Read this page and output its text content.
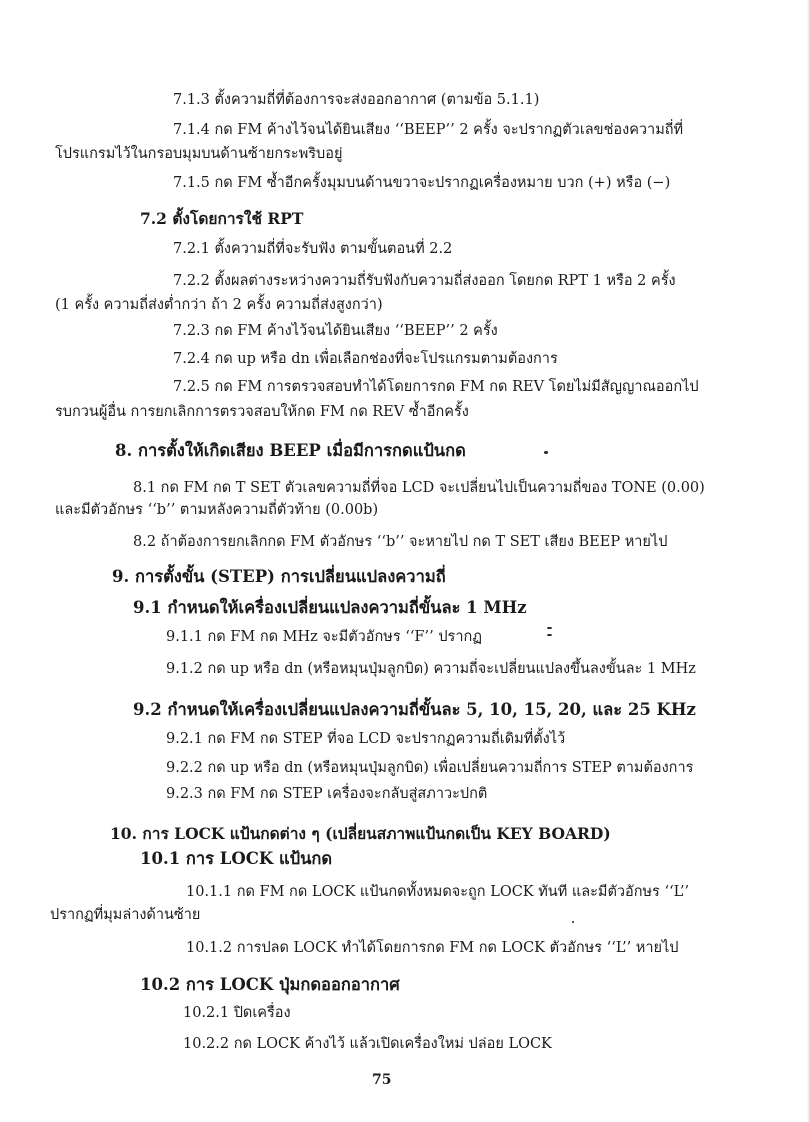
7.1.3 ตั้งความถี่ที่ต้องการจะส่งออกอากาศ (ตามข้อ 5.1.1)
7.1.4 กด FM ค้างไว้จนได้ยินเสียง ‘‘BEEP’’ 2 ครั้ง จะปรากฏตัวเลขช่องความถี่ที่
โปรแกรมไว้ในกรอบมุมบนด้านซ้ายกระพริบอยู่
7.1.5 กด FM ซ้ำอีกครั้งมุมบนด้านขวาจะปรากฏเครื่องหมาย บวก (+) หรือ (−)
7.2 ตั้งโดยการใช้ RPT
7.2.1 ตั้งความถี่ที่จะรับฟัง ตามขั้นตอนที่ 2.2
7.2.2 ตั้งผลต่างระหว่างความถี่รับฟังกับความถี่ส่งออก โดยกด RPT 1 หรือ 2 ครั้ง
(1 ครั้ง ความถี่ส่งต่ำกว่า ถ้า 2 ครั้ง ความถี่ส่งสูงกว่า)
7.2.3 กด FM ค้างไว้จนได้ยินเสียง ‘‘BEEP’’ 2 ครั้ง
7.2.4 กด up หรือ dn เพื่อเลือกช่องที่จะโปรแกรมตามต้องการ
7.2.5 กด FM การตรวจสอบทำได้โดยการกด FM กด REV โดยไม่มีสัญญาณออกไป
รบกวนผู้อื่น การยกเลิกการตรวจสอบให้กด FM กด REV ซ้ำอีกครั้ง
8. การตั้งให้เกิดเสียง BEEP เมื่อมีการกดแป้นกด
8.1 กด FM กด T SET ตัวเลขความถี่ที่จอ LCD จะเปลี่ยนไปเป็นความถี่ของ TONE (0.00)
และมีตัวอักษร ‘‘b’’ ตามหลังความถี่ตัวท้าย (0.00b)
8.2 ถ้าต้องการยกเลิกกด FM ตัวอักษร ‘‘b’’ จะหายไป กด T SET เสียง BEEP หายไป
9. การตั้งขั้น (STEP) การเปลี่ยนแปลงความถี่
9.1 กำหนดให้เครื่องเปลี่ยนแปลงความถี่ขั้นละ 1 MHz
9.1.1 กด FM กด MHz จะมีตัวอักษร ‘‘F’’ ปรากฏ
9.1.2 กด up หรือ dn (หรือหมุนปุ่มลูกบิด) ความถี่จะเปลี่ยนแปลงขึ้นลงขั้นละ 1 MHz
9.2 กำหนดให้เครื่องเปลี่ยนแปลงความถี่ขั้นละ 5, 10, 15, 20, และ 25 KHz
9.2.1 กด FM กด STEP ที่จอ LCD จะปรากฏความถี่เดิมที่ตั้งไว้
9.2.2 กด up หรือ dn (หรือหมุนปุ่มลูกบิด) เพื่อเปลี่ยนความถี่การ STEP ตามต้องการ
9.2.3 กด FM กด STEP เครื่องจะกลับสู่สภาวะปกติ
10. การ LOCK แป้นกดต่าง ๆ (เปลี่ยนสภาพแป้นกดเป็น KEY BOARD)
10.1 การ LOCK แป้นกด
10.1.1 กด FM กด LOCK แป้นกดทั้งหมดจะถูก LOCK ทันที และมีตัวอักษร ‘‘L’’
ปรากฏที่มุมล่างด้านซ้าย
10.1.2 การปลด LOCK ทำได้โดยการกด FM กด LOCK ตัวอักษร ‘‘L’’ หายไป
10.2 การ LOCK ปุ่มกดออกอากาศ
10.2.1 ปิดเครื่อง
10.2.2 กด LOCK ค้างไว้ แล้วเปิดเครื่องใหม่ ปล่อย LOCK
75
